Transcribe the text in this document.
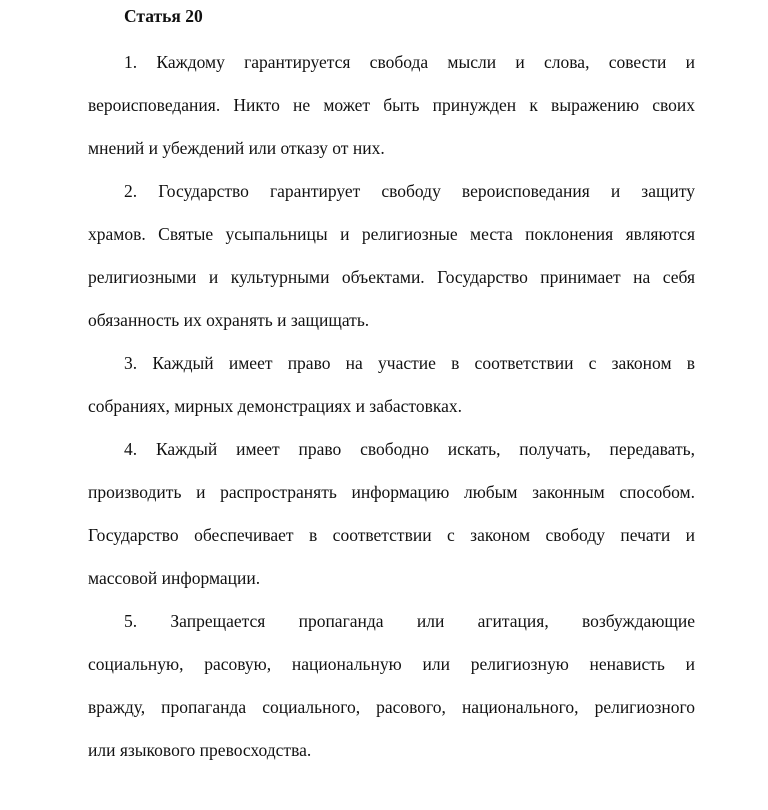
Статья 20

1. Каждому гарантируется свобода мысли и слова, совести и

вероисповедания. Никто не может быть принужден к выражению своих

мнений и убеждений или отказу от них.

2. Государство гарантирует свободу вероисповедания и защиту

храмов. Святые усыпальницы и религиозные места поклонения являются

религиозными и культурными объектами. Государство принимает на себя

обязанность их охранять и защищать.

3. Каждый имеет право на участие в соответствии с законом в

собраниях, мирных демонстрациях и забастовках.

4. Каждый имеет право свободно искать, получать, передавать,

производить и распространять информацию любым законным способом.

Государство обеспечивает в соответствии с законом свободу печати и

массовой информации.

5. Запрещается пропаганда или агитация, возбуждающие

социальную, расовую, национальную или религиозную ненависть и

вражду, пропаганда социального, расового, национального, религиозного

или языкового превосходства.
